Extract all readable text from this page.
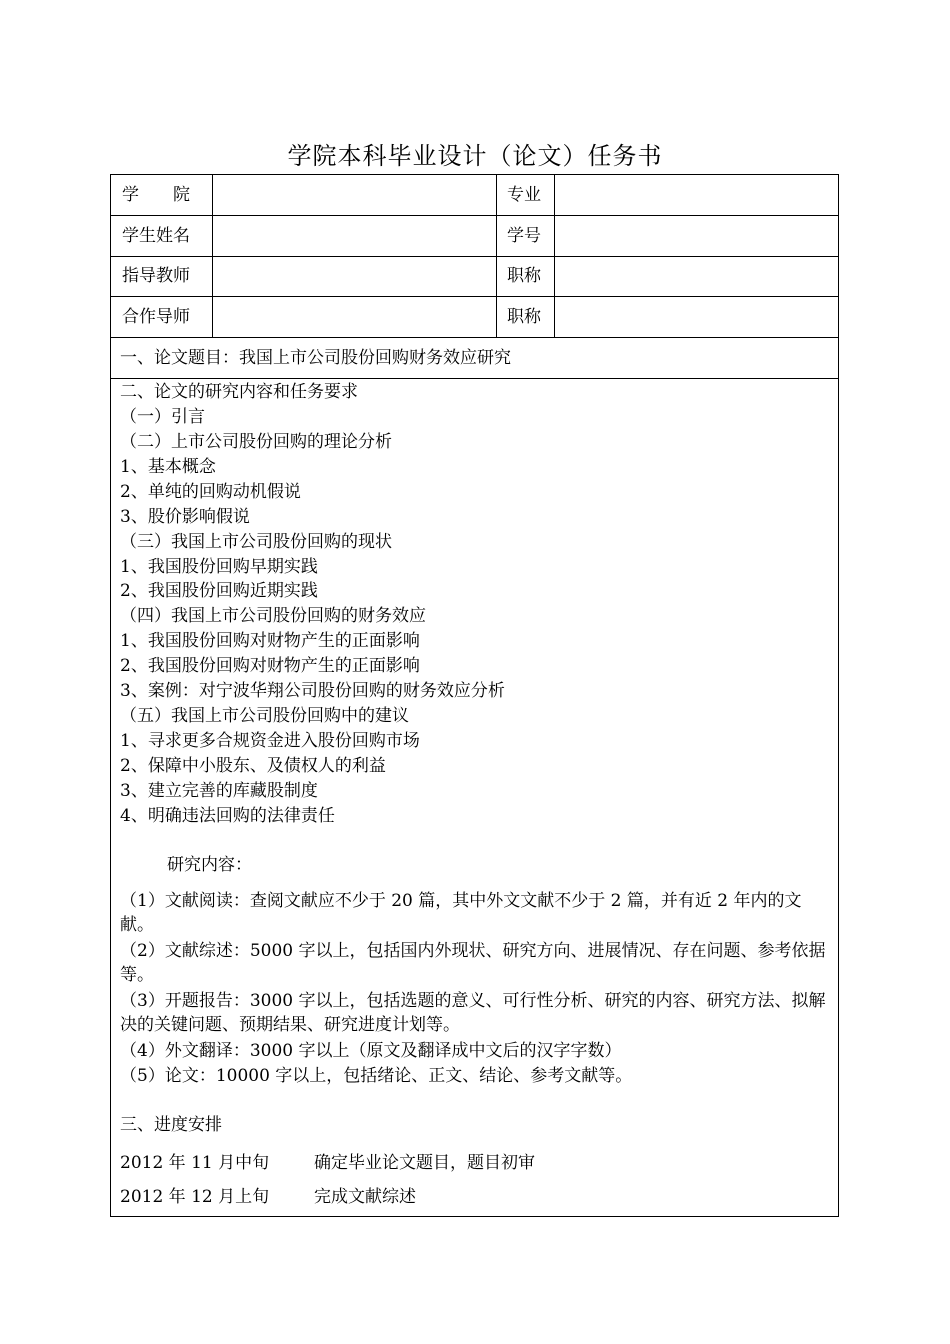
学院本科毕业设计（论文）任务书
学　　院	专业
学生姓名	学号
指导教师	职称
合作导师	职称
一、论文题目：我国上市公司股份回购财务效应研究
二、论文的研究内容和任务要求
（一）引言
（二）上市公司股份回购的理论分析
1、基本概念
2、单纯的回购动机假说
3、股价影响假说
（三）我国上市公司股份回购的现状
1、我国股份回购早期实践
2、我国股份回购近期实践
（四）我国上市公司股份回购的财务效应
1、我国股份回购对财物产生的正面影响
2、我国股份回购对财物产生的正面影响
3、案例：对宁波华翔公司股份回购的财务效应分析
（五）我国上市公司股份回购中的建议
1、寻求更多合规资金进入股份回购市场
2、保障中小股东、及债权人的利益
3、建立完善的库藏股制度
4、明确违法回购的法律责任
研究内容：
（1）文献阅读：查阅文献应不少于 20 篇，其中外文文献不少于 2 篇，并有近 2 年内的文献。
（2）文献综述：5000 字以上，包括国内外现状、研究方向、进展情况、存在问题、参考依据等。
（3）开题报告：3000 字以上，包括选题的意义、可行性分析、研究的内容、研究方法、拟解决的关键问题、预期结果、研究进度计划等。
（4）外文翻译：3000 字以上（原文及翻译成中文后的汉字字数）
（5）论文：10000 字以上，包括绪论、正文、结论、参考文献等。
三、进度安排
2012 年 11 月中旬	确定毕业论文题目，题目初审
2012 年 12 月上旬	完成文献综述
